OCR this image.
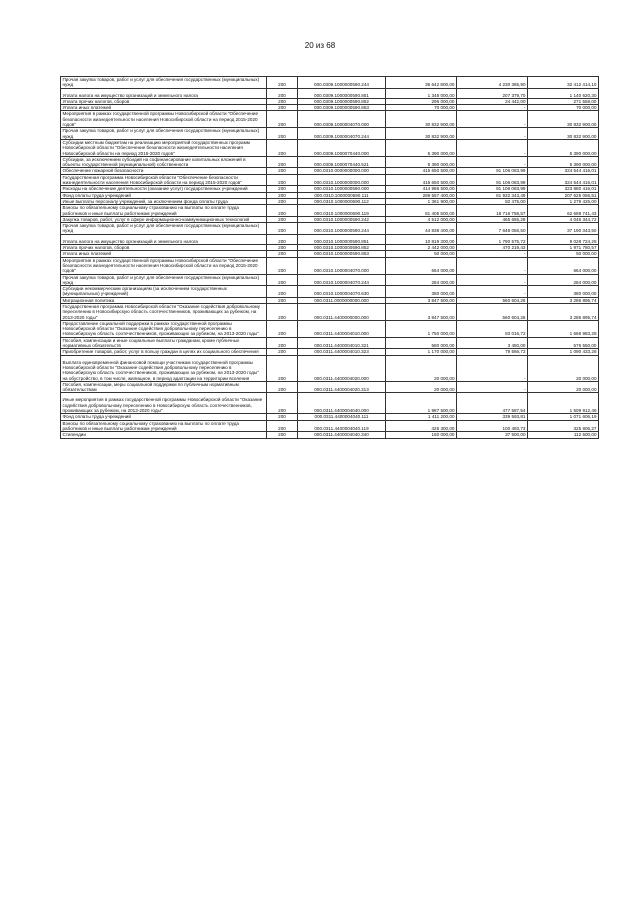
20 из 68
Прочая закупка товаров, работ и услуг для обеспечения государственных (муниципальных) нужд	200	000.0309.1000000590.244	36 642 800,00	4 230 385,90	32 412 414,10
Уплата налога на имущество организаций и земельного налога	200	000.0309.1000000590.851	1 348 000,00	207 379,70	1 140 620,30
Уплата прочих налогов, сборов	200	000.0309.1000000590.852	296 000,00	24 442,00	271 558,00
Уплата иных платежей	200	000.0309.1000000590.853	70 000,00	-	70 000,00
Мероприятия в рамках государственной программы Новосибирской области "Обеспечение безопасности жизнедеятельности населения Новосибирской области на период 2015-2020 годов"	200	000.0309.1000004070.000	30 832 900,00	-	30 832 900,00
Прочая закупка товаров, работ и услуг для обеспечения государственных (муниципальных) нужд	200	000.0309.1000004070.244	30 832 900,00	-	30 832 900,00
Субсидии местным бюджетам на реализацию мероприятий государственных программ Новосибирской области "Обеспечение безопасности жизнедеятельности населения Новосибирской области на период 2015-2020 годов"	200	000.0309.1000070440.000	5 390 000,00	-	5 390 000,00
Субсидии, за исключением субсидий на софинансирование капитальных вложений в объекты государственной (муниципальной) собственности	200	000.0309.1000070440.521	5 390 000,00	-	5 390 000,00
Обеспечение пожарной безопасности	200	000.0310.0000000000.000	415 650 500,00	91 106 083,99	324 544 416,01
Государственная программа Новосибирской области "Обеспечение безопасности жизнедеятельности населения Новосибирской области на период 2015-2020 годов"	200	000.0310.1000000000.000	415 650 500,00	91 106 083,99	324 544 416,01
Расходы на обеспечение деятельности (оказание услуг) государственных учреждений	200	000.0310.1000000590.000	414 986 500,00	91 106 083,99	323 880 416,01
Фонд оплаты труда учреждений	200	000.0310.1000000590.111	289 557 400,00	81 932 343,49	207 625 056,51
Иные выплаты персоналу учреждений, за исключением фонда оплаты труда	200	000.0310.1000000590.112	1 361 900,00	82 475,00	1 279 425,00
Взносы по обязательному социальному страхованию на выплаты по оплате труда работников и иные выплаты работникам учреждений	200	000.0310.1000000590.119	81 405 500,00	18 716 758,57	62 688 741,43
Закупка товаров, работ, услуг в сфере информационно-коммуникационных технологий	200	000.0310.1000000590.242	4 512 000,00	465 655,28	4 046 344,72
Прочая закупка товаров, работ и услуг для обеспечения государственных (муниципальных) нужд	200	000.0310.1000000590.244	44 838 400,00	7 648 056,50	37 190 343,50
Уплата налога на имущество организаций и земельного налога	200	000.0310.1000000590.851	10 819 300,00	1 790 575,72	9 028 724,28
Уплата прочих налогов, сборов	200	000.0310.1000000590.852	2 442 000,00	470 219,43	1 971 780,57
Уплата иных платежей	200	000.0310.1000000590.853	50 000,00	-	50 000,00
Мероприятия в рамках государственной программы Новосибирской области "Обеспечение безопасности жизнедеятельности населения Новосибирской области на период 2015-2020 годов"	200	000.0310.1000004070.000	664 000,00	-	664 000,00
Прочая закупка товаров, работ и услуг для обеспечения государственных (муниципальных) нужд	200	000.0310.1000004070.244	284 000,00	-	284 000,00
Субсидии некоммерческим организациям (за исключением государственных (муниципальных) учреждений)	200	000.0310.1000004070.630	380 000,00	-	380 000,00
Миграционная политика	200	000.0311.0000000000.000	3 847 500,00	560 604,26	3 286 895,74
Государственная программа Новосибирской области "Оказание содействия добровольному переселению в Новосибирскую область соотечественников, проживающих за рубежом, на 2013-2020 годы"	200	000.0311.4400000000.000	3 847 500,00	560 604,26	3 286 895,74
Предоставление социальной поддержки в рамках государственной программы Новосибирской области "Оказание содействия добровольному переселению в Новосибирскую область соотечественников, проживающих за рубежом, на 2013-2020 годы"	200	000.0311.4400004010.000	1 750 000,00	83 016,72	1 666 983,28
Пособия, компенсации и иные социальные выплаты гражданам, кроме публичных нормативных обязательств	200	000.0311.4400004010.321	580 000,00	3 450,00	576 550,00
Приобретение товаров, работ, услуг в пользу граждан в целях их социального обеспечения	200	000.0311.4400004010.323	1 170 000,00	79 566,72	1 090 433,28
Выплата единовременной финансовой помощи участникам государственной программы Новосибирской области "Оказание содействия добровольному переселению в Новосибирскую область соотечественников, проживающих за рубежом, на 2013-2020 годы" на обустройство, в том числе, жилищное, в период адаптации на территории вселения	200	000.0311.4400004020.000	20 000,00	-	20 000,00
Пособия, компенсации, меры социальной поддержки по публичным нормативным обязательствам	200	000.0311.4400004020.313	20 000,00	-	20 000,00
Иные мероприятия в рамках государственной программы Новосибирской области "Оказание содействия добровольному переселению в Новосибирскую область соотечественников, проживающих за рубежом, на 2013-2020 годы"	200	000.0311.4400004040.000	1 987 500,00	477 587,54	1 509 912,46
Фонд оплаты труда учреждений	200	000.0311.4400004040.111	1 411 200,00	339 593,81	1 071 606,19
Взносы по обязательному социальному страхованию на выплаты по оплате труда работников и иные выплаты работникам учреждений	200	000.0311.4400004040.119	426 300,00	100 493,73	325 806,27
Стипендии	200	000.0311.4400004040.340	150 000,00	37 500,00	112 500,00
